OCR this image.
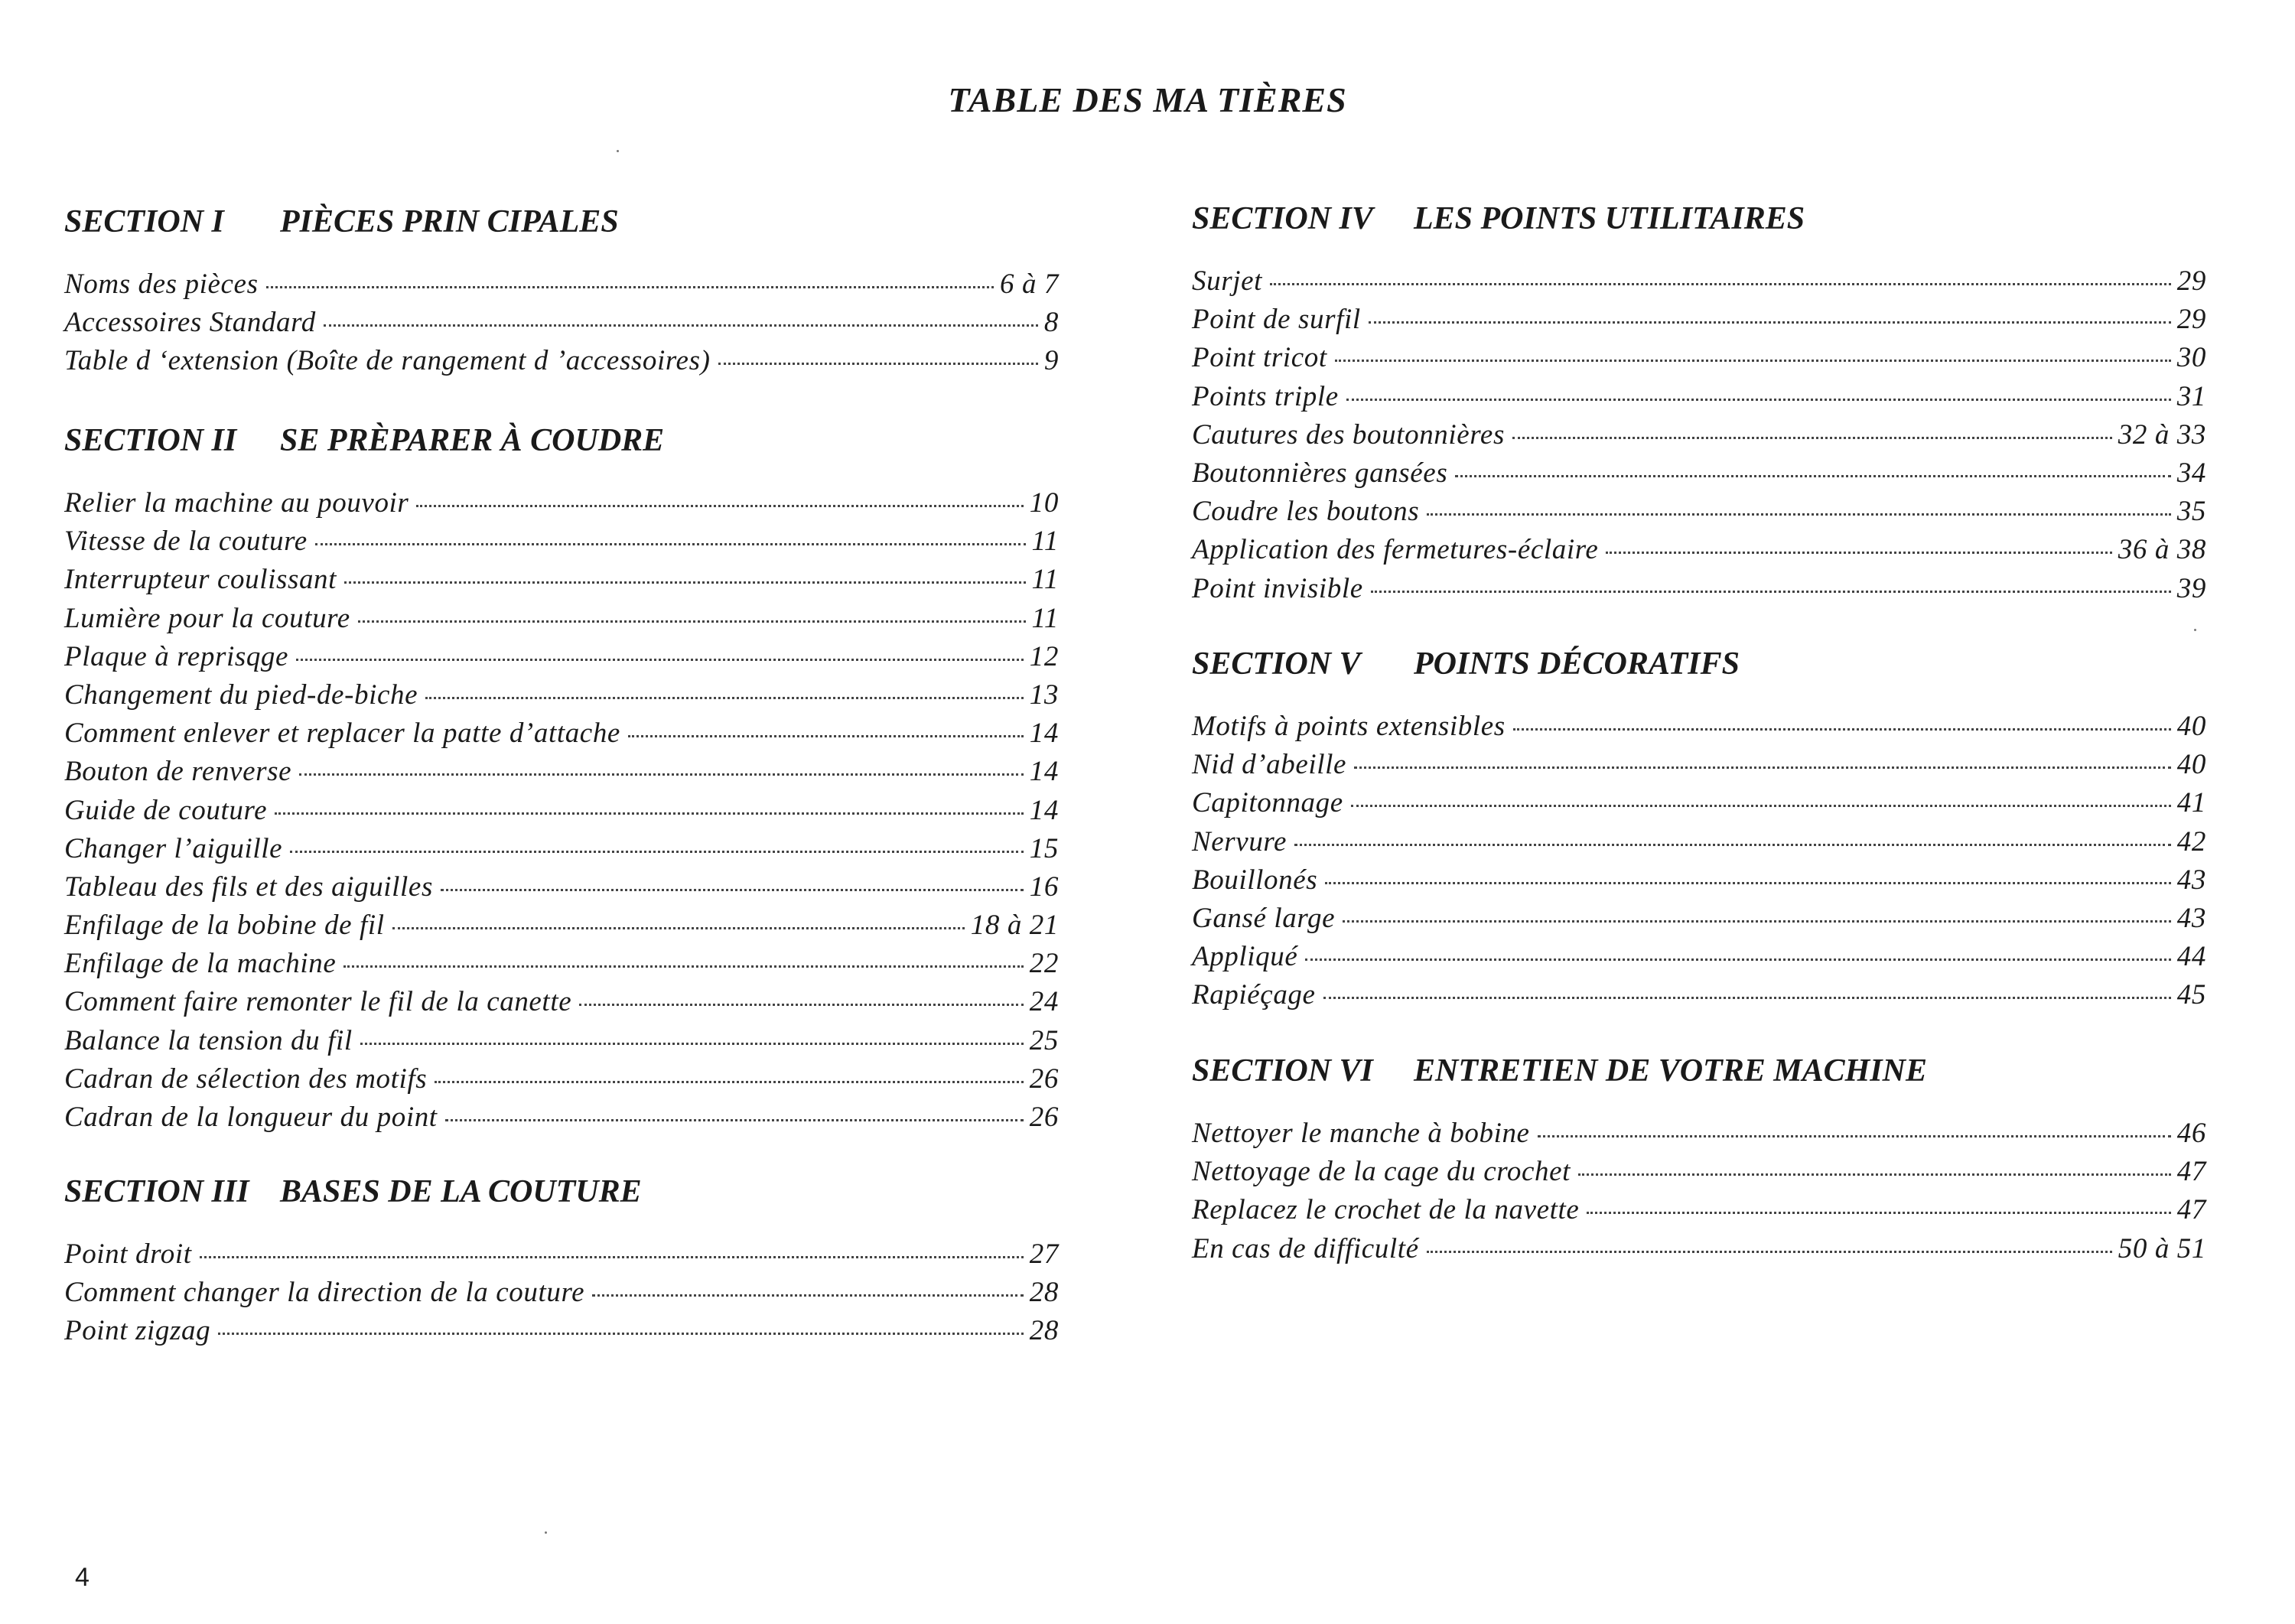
TABLE DES MA TIÈRES
SECTION I PIÈCES PRIN CIPALES
Noms des pièces	6 à 7
Accessoires Standard	8
Table d ‘extension (Boîte de rangement d ’accessoires)	9
SECTION II SE PRÈPARER À COUDRE
Relier la machine au pouvoir	10
Vitesse de la couture	11
Interrupteur coulissant	11
Lumière pour la couture	11
Plaque à reprisqge	12
Changement du pied-de-biche	13
Comment enlever et replacer la patte d’attache	14
Bouton de renverse	14
Guide de couture	14
Changer l’aiguille	15
Tableau des fils et des aiguilles	16
Enfilage de la bobine de fil	18 à 21
Enfilage de la machine	22
Comment faire remonter le fil de la canette	24
Balance la tension du fil	25
Cadran de sélection des motifs	26
Cadran de la longueur du point	26
SECTION III BASES DE LA COUTURE
Point droit	27
Comment changer la direction de la couture	28
Point zigzag	28
SECTION IV LES POINTS UTILITAIRES
Surjet	29
Point de surfil	29
Point tricot	30
Points triple	31
Cautures des boutonnières	32 à 33
Boutonnières gansées	34
Coudre les boutons	35
Application des fermetures-éclaire	36 à 38
Point invisible	39
SECTION V POINTS DÉCORATIFS
Motifs à points extensibles	40
Nid d’abeille	40
Capitonnage	41
Nervure	42
Bouillonés	43
Gansé large	43
Appliqué	44
Rapiéçage	45
SECTION VI ENTRETIEN DE VOTRE MACHINE
Nettoyer le manche à bobine	46
Nettoyage de la cage du crochet	47
Replacez le crochet de la navette	47
En cas de difficulté	50 à 51
4
